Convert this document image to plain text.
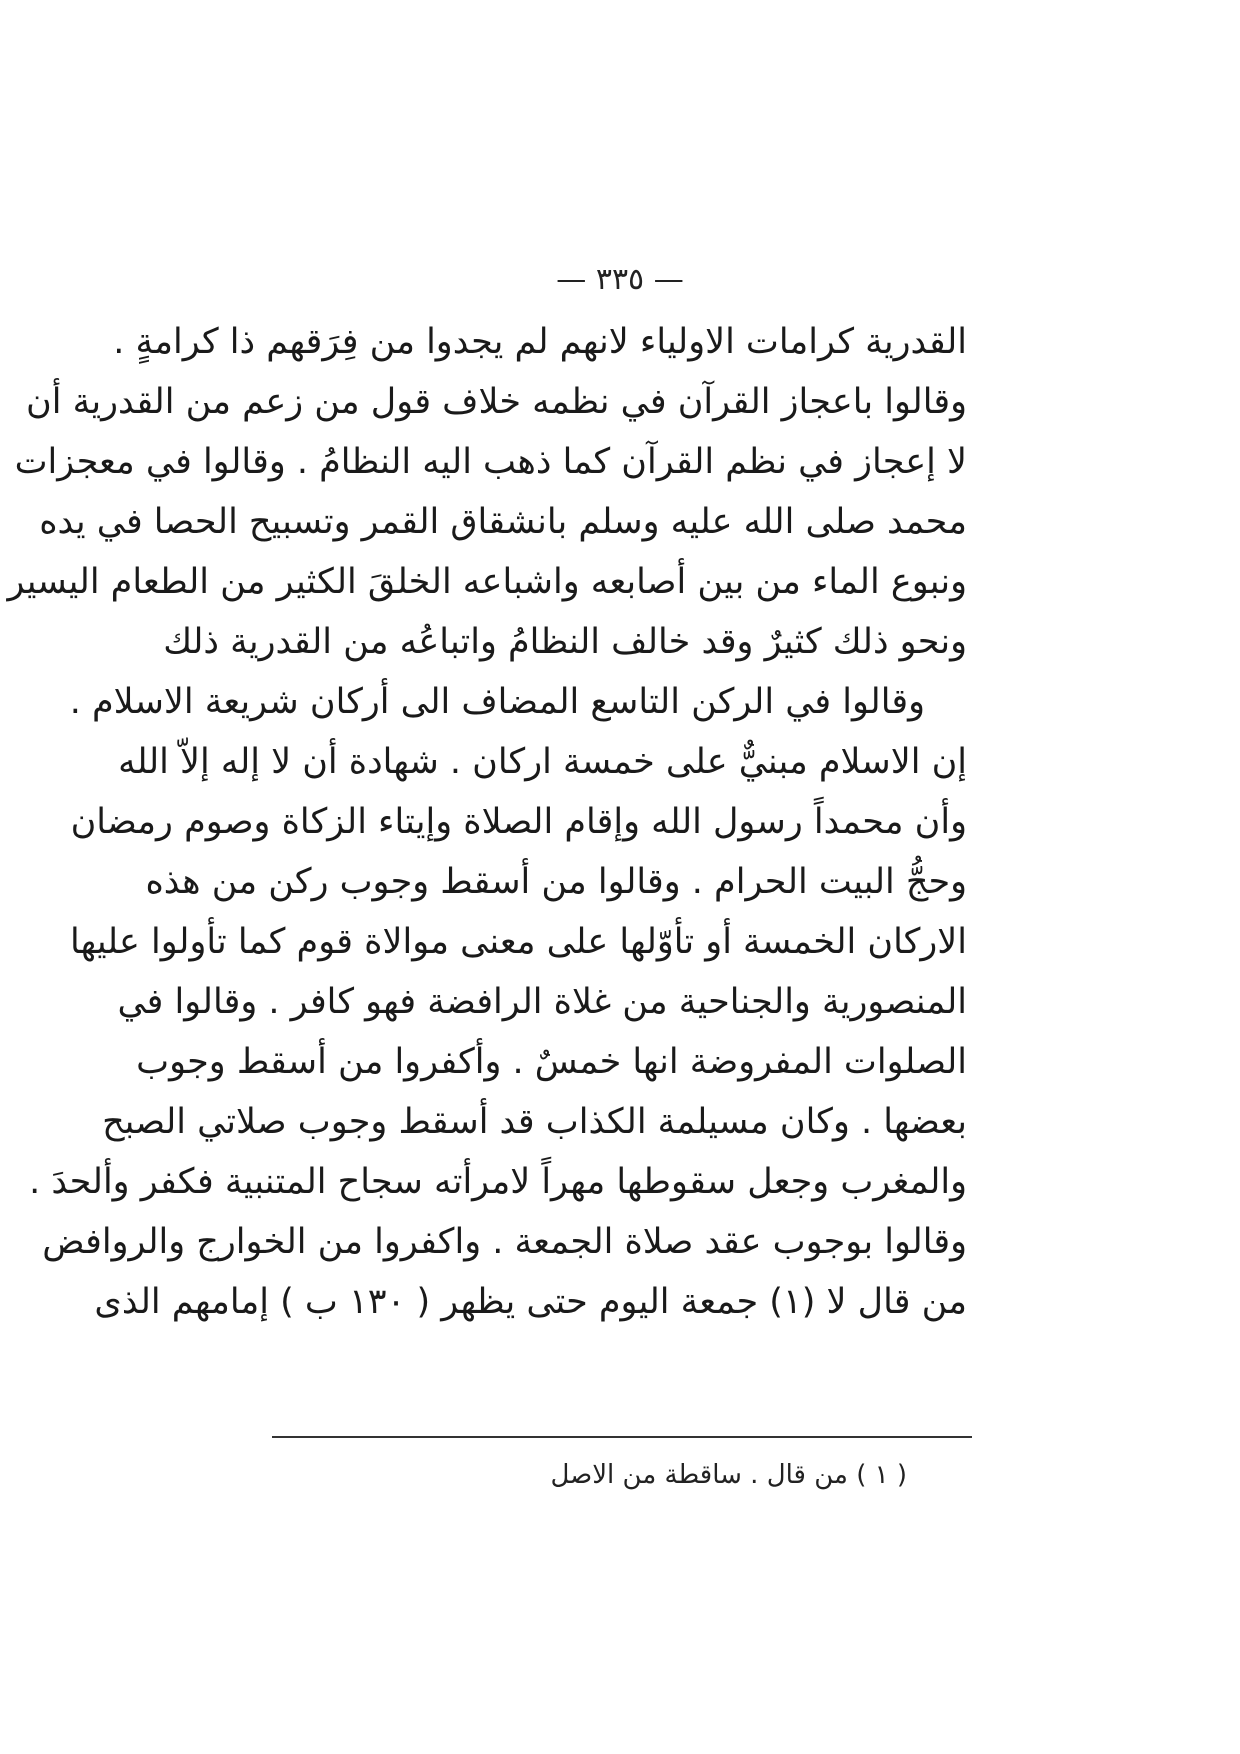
— ٣٣٥ —
القدرية كرامات الاولياء لانهم لم يجدوا من فِرَقهم ذا كرامةٍ .
وقالوا باعجاز القرآن في نظمه خلاف قول من زعم من القدرية أن
لا إعجاز في نظم القرآن كما ذهب اليه النظامُ . وقالوا في معجزات
محمد صلى الله عليه وسلم بانشقاق القمر وتسبيح الحصا في يده
ونبوع الماء من بين أصابعه واشباعه الخلقَ الكثير من الطعام اليسير
ونحو ذلك كثيرٌ وقد خالف النظامُ واتباعُه من القدرية ذلك
وقالوا في الركن التاسع المضاف الى أركان شريعة الاسلام .
إن الاسلام مبنيٌّ على خمسة اركان . شهادة أن لا إله إلاّ الله
وأن محمداً رسول الله وإقام الصلاة وإيتاء الزكاة وصوم رمضان
وحجُّ البيت الحرام . وقالوا من أسقط وجوب ركن من هذه
الاركان الخمسة أو تأوّلها على معنى موالاة قوم كما تأولوا عليها
المنصورية والجناحية من غلاة الرافضة فهو كافر . وقالوا في
الصلوات المفروضة انها خمسٌ . وأكفروا من أسقط وجوب
بعضها . وكان مسيلمة الكذاب قد أسقط وجوب صلاتي الصبح
والمغرب وجعل سقوطها مهراً لامرأته سجاح المتنبية فكفر وألحدَ .
وقالوا بوجوب عقد صلاة الجمعة . واكفروا من الخوارج والروافض
من قال لا (١) جمعة اليوم حتى يظهر ( ١٣٠ ب ) إمامهم الذى
( ١ ) من قال . ساقطة من الاصل
